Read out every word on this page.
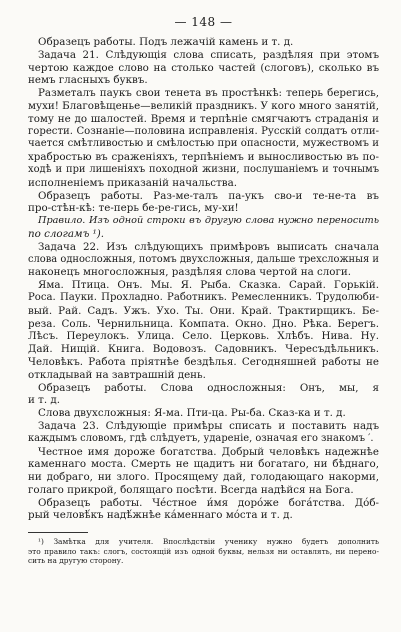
— 148 —
Образецъ работы. Подъ лежачій камень и т. д.
Задача 21. Слѣдующія слова списать, раздѣляя при этомъ
чертою каждое слово на столько частей (слоговъ), сколько въ
немъ гласныхъ буквъ.
Разметалъ паукъ свои тенета въ простѣнкѣ: теперь берегись,
мухи! Благовѣщенье—великій праздникъ. У кого много занятій,
тому не до шалостей. Время и терпѣніе смягчаютъ страданія и
горести. Сознаніе—половина исправленія. Русскій солдатъ отли-
чается смѣтливостью и смѣлостью при опасности, мужествомъ и
храбростью въ сраженіяхъ, терпѣніемъ и выносливостью въ по-
ходѣ и при лишеніяхъ походной жизни, послушаніемъ и точнымъ
исполненіемъ приказаній начальства.
Образецъ работы. Раз-ме-талъ па-укъ сво-и те-не-та въ
про-стѣн-кѣ: те-перь бе-ре-гись, му-хи!
Правило. Изъ одной строки въ другую слова нужно переносить
по слогамъ ¹).
Задача 22. Изъ слѣдующихъ примѣровъ выписать сначала
слова односложныя, потомъ двухсложныя, дальше трехсложныя и
наконецъ многосложныя, раздѣляя слова чертой на слоги.
Яма. Птица. Онъ. Мы. Я. Рыба. Сказка. Сарай. Горькій.
Роса. Пауки. Прохладно. Работникъ. Ремесленникъ. Трудолюби-
вый. Рай. Садъ. Ужъ. Ухо. Ты. Они. Край. Трактирщикъ. Бе-
реза. Соль. Чернильница. Компата. Окно. Дно. Рѣка. Берегъ.
Лѣсъ. Переулокъ. Улица. Село. Церковь. Хлѣбъ. Нива. Ну.
Дай. Нищій. Книга. Водовозъ. Садовникъ. Чересъдѣльникъ.
Человѣкъ. Работа пріятнѣе бездѣлья. Сегодняшней работы не
откладывай на завтрашній день.
Образецъ работы. Слова односложныя: Онъ, мы, я
и т. д.
Слова двухсложныя: Я-ма. Пти-ца. Ры-ба. Сказ-ка и т. д.
Задача 23. Слѣдующіе примѣры списать и поставить надъ
каждымъ словомъ, гдѣ слѣдуетъ, удареніе, означая его знакомъ ′.
Честное имя дороже богатства. Добрый человѣкъ надежнѣе
каменнаго моста. Смерть не щадитъ ни богатаго, ни бѣднаго,
ни добраго, ни злого. Просящему дай, голодающаго накорми,
голаго прикрой, болящаго посѣти. Всегда надѣйся на Бога.
Образецъ работы. Че́стное и́мя доро́же бога́тства. До́б-
рый человѣ́къ надѣ́жнѣе ка́меннаго мо́ста и т. д.
¹) Замѣтка для учителя. Впослѣдствіи ученику нужно будетъ дополнить
это правило такъ: слогъ, состоящій изъ одной буквы, нельзя ни оставлять, ни перено-
сить на другую сторону.
